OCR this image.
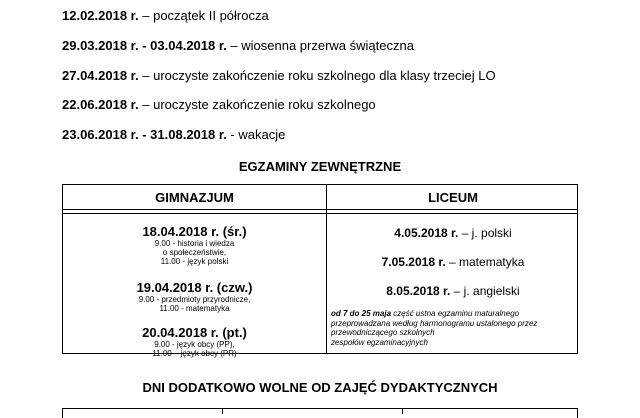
12.02.2018 r. – początek II półrocza
29.03.2018 r. - 03.04.2018 r. – wiosenna przerwa świąteczna
27.04.2018 r. – uroczyste zakończenie roku szkolnego dla klasy trzeciej LO
22.06.2018 r. – uroczyste zakończenie roku szkolnego
23.06.2018 r. - 31.08.2018 r. - wakacje
EGZAMINY ZEWNĘTRZNE
GIMNAZJUM	LICEUM
18.04.2018 r. (śr.)
9.00 - historia i wiedza
o społeczeństwie,
11.00 - język polski
19.04.2018 r. (czw.)
9.00 - przedmioty przyrodnicze,
11.00 - matematyka
20.04.2018 r. (pt.)
9.00 - język obcy (PP),
11.00 – język obcy (PR)
4.05.2018 r. – j. polski
7.05.2018 r. – matematyka
8.05.2018 r. – j. angielski
od 7 do 25 maja część ustna egzaminu maturalnego
przeprowadzana według harmonogramu ustalonego przez
przewodniczącego szkolnych
zespołów egzaminacyjnych
DNI DODATKOWO WOLNE OD ZAJĘĆ DYDAKTYCZNYCH
